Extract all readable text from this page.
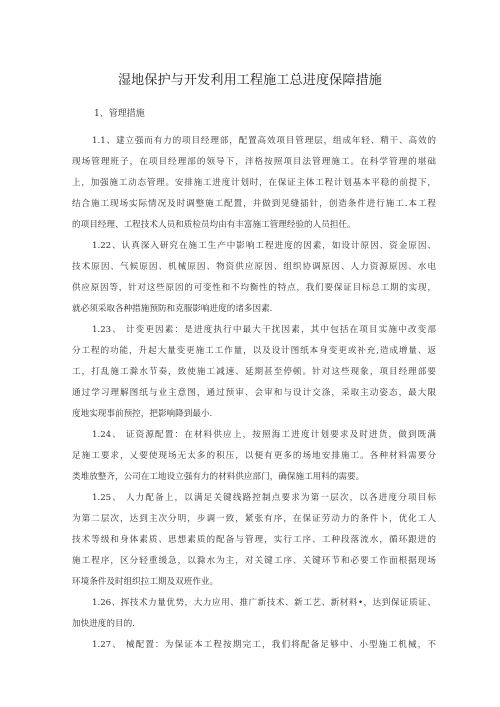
湿地保护与开发利用工程施工总进度保障措施
1、管理措施
1.1、建立强而有力的项目经理部，配置高效项目管理层，组成年轻、精干、高效的
现场管理班子，在项目经理部的领导下，泮格按照项目法管理施工。在科学管理的堪础
上，加强施工动态管理。安排施工进度计划时，在保证主体工程计划基本平稳的前提下，
结合施工现场实际情况及时调整施工配置，并做到见缝插针，创造条件进行施工.本工程
的项目经理、工程技术人员和质检员均由有丰富施工管理经验的人员担任。
1.22、认真深入研究在施工生产中影响工程进度的因素，如设计原因、资金原因、
技术原因、气候原因、机械原因、物资供应原因、组织协调原因、人力资源原因、水电
供应原因等，针对这些原因的可变性和不均衡性的特点，我们要保证目标总工期的实现，
就必须采取各种措施预防和克服影响进度的诸多因素.
1.23、 计变更因素：是进度执行中最大干扰因素，其中包括在项目实施中改变部
分工程的功能，升起大量变更施工工作量，以及设计图纸本身变更或补充,造成增量、返
工，打乱施工滁水节奏，致使施工减速、延期甚至停顿。针对这些现象，项目经理部要
通过学习理解图纸与业主意图，通过预审、会审和与设计交涤，采取主动姿态，最大限
度地实现事前预控，把影响降到最小.
1.24、 证资源配置：在材料供应上，按照海工进度计划要求及时进货，做到既满
足施工要求，乂要使现场无太多的积压，以便有更多的场地安排施工。各种材料需要分
类堆放整齐，公司在工地设立强有力的材料供应部门，确保施工用料的需要。
1.25、 人力配备上，以满足关键线路控制点要求为第一层次，以各进度分项目标
为第二层次，达到主次分明，步调一致，紧张有序，在保证劳动力的条件卜，优化工人
技术等级和身体素质、思想素质的配备与管理，实行工序、工种段落流水，循环跟进的
施工程序，区分轻重缓急，以滁水为主，对关键工序、关键环节和必要工作面根据现场
环境条件及时组织拉工期及双班作业。
1.26、挥技术力量优势，大力应用、推广新技术、新工艺、新材料•，达到保证质证、
加快进度的目的.
1.27、 械配置：为保证本工程按期完工，我们将配备足够中、小型施工机械，不
